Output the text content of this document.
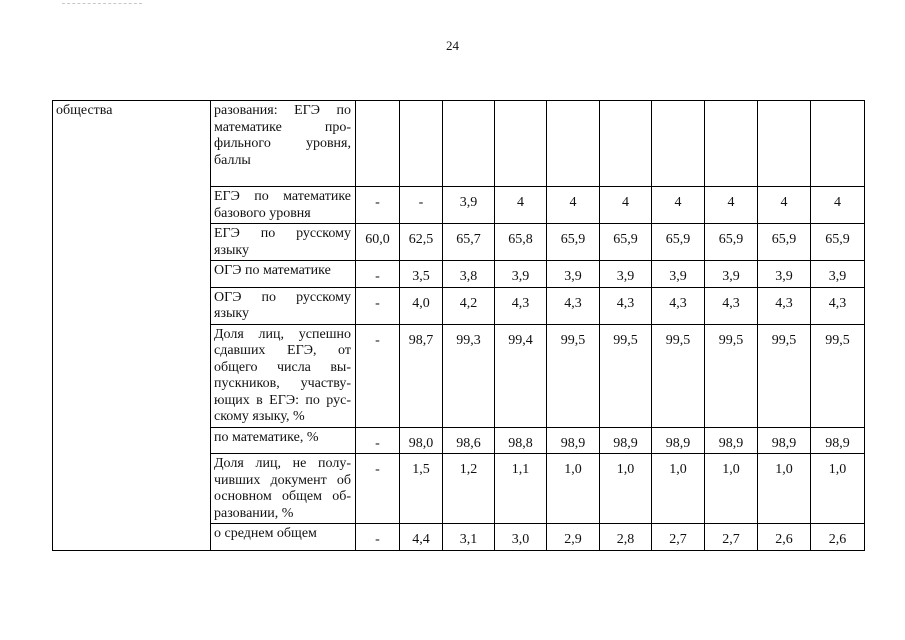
24
общества	разования: ЕГЭ по математике про-фильного уровня, баллы										
	ЕГЭ по математике базового уровня	-	-	3,9	4	4	4	4	4	4	4
	ЕГЭ по русскому языку	60,0	62,5	65,7	65,8	65,9	65,9	65,9	65,9	65,9	65,9
	ОГЭ по математике	-	3,5	3,8	3,9	3,9	3,9	3,9	3,9	3,9	3,9
	ОГЭ по русскому языку	-	4,0	4,2	4,3	4,3	4,3	4,3	4,3	4,3	4,3
	Доля лиц, успешно сдавших ЕГЭ, от общего числа вы-пускников, участву-ющих в ЕГЭ: по рус-скому языку, %	-	98,7	99,3	99,4	99,5	99,5	99,5	99,5	99,5	99,5
	по математике, %	-	98,0	98,6	98,8	98,9	98,9	98,9	98,9	98,9	98,9
	Доля лиц, не полу-чивших документ об основном общем об-разовании, %	-	1,5	1,2	1,1	1,0	1,0	1,0	1,0	1,0	1,0
	о среднем общем	-	4,4	3,1	3,0	2,9	2,8	2,7	2,7	2,6	2,6
